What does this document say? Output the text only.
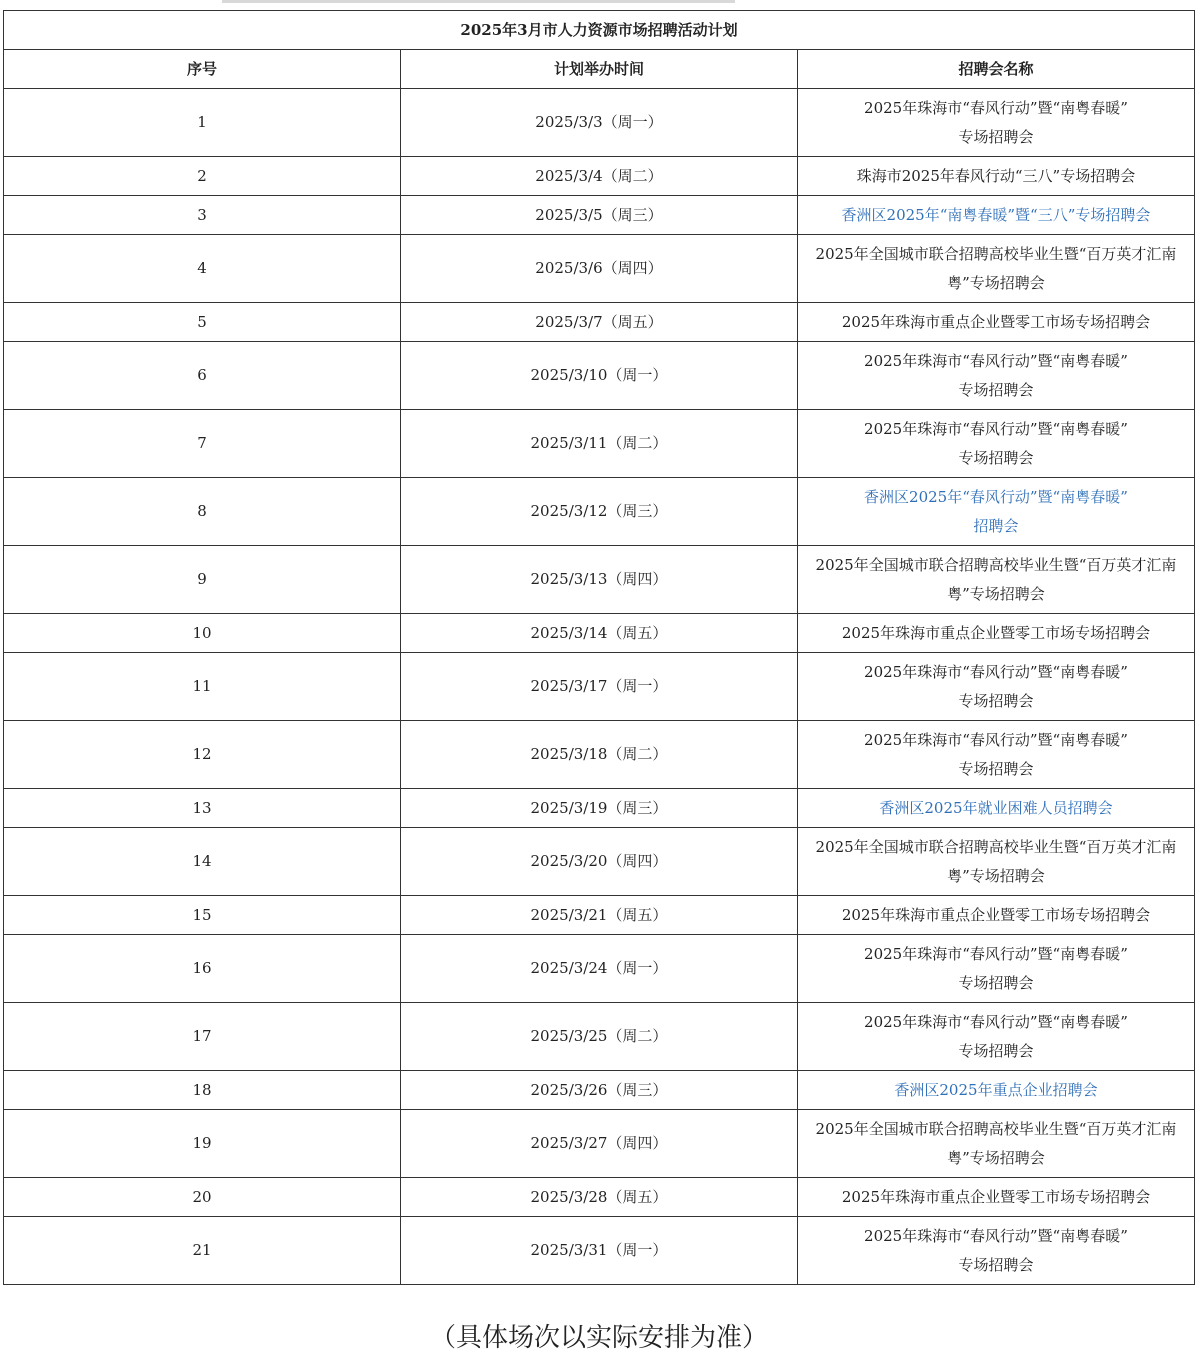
2025年3月市人力资源市场招聘活动计划		
序号	计划举办时间	招聘会名称
1	2025/3/3（周一）	2025年珠海市“春风行动”暨“南粤春暖”
专场招聘会
2	2025/3/4（周二）	珠海市2025年春风行动“三八”专场招聘会
3	2025/3/5（周三）	香洲区2025年“南粤春暖”暨“三八”专场招聘会
4	2025/3/6（周四）	2025年全国城市联合招聘高校毕业生暨“百万英才汇南粤”专场招聘会
5	2025/3/7（周五）	2025年珠海市重点企业暨零工市场专场招聘会
6	2025/3/10（周一）	2025年珠海市“春风行动”暨“南粤春暖”
专场招聘会
7	2025/3/11（周二）	2025年珠海市“春风行动”暨“南粤春暖”
专场招聘会
8	2025/3/12（周三）	香洲区2025年“春风行动”暨“南粤春暖”
招聘会
9	2025/3/13（周四）	2025年全国城市联合招聘高校毕业生暨“百万英才汇南粤”专场招聘会
10	2025/3/14（周五）	2025年珠海市重点企业暨零工市场专场招聘会
11	2025/3/17（周一）	2025年珠海市“春风行动”暨“南粤春暖”
专场招聘会
12	2025/3/18（周二）	2025年珠海市“春风行动”暨“南粤春暖”
专场招聘会
13	2025/3/19（周三）	香洲区2025年就业困难人员招聘会
14	2025/3/20（周四）	2025年全国城市联合招聘高校毕业生暨“百万英才汇南粤”专场招聘会
15	2025/3/21（周五）	2025年珠海市重点企业暨零工市场专场招聘会
16	2025/3/24（周一）	2025年珠海市“春风行动”暨“南粤春暖”
专场招聘会
17	2025/3/25（周二）	2025年珠海市“春风行动”暨“南粤春暖”
专场招聘会
18	2025/3/26（周三）	香洲区2025年重点企业招聘会
19	2025/3/27（周四）	2025年全国城市联合招聘高校毕业生暨“百万英才汇南粤”专场招聘会
20	2025/3/28（周五）	2025年珠海市重点企业暨零工市场专场招聘会
21	2025/3/31（周一）	2025年珠海市“春风行动”暨“南粤春暖”
专场招聘会
（具体场次以实际安排为准）
